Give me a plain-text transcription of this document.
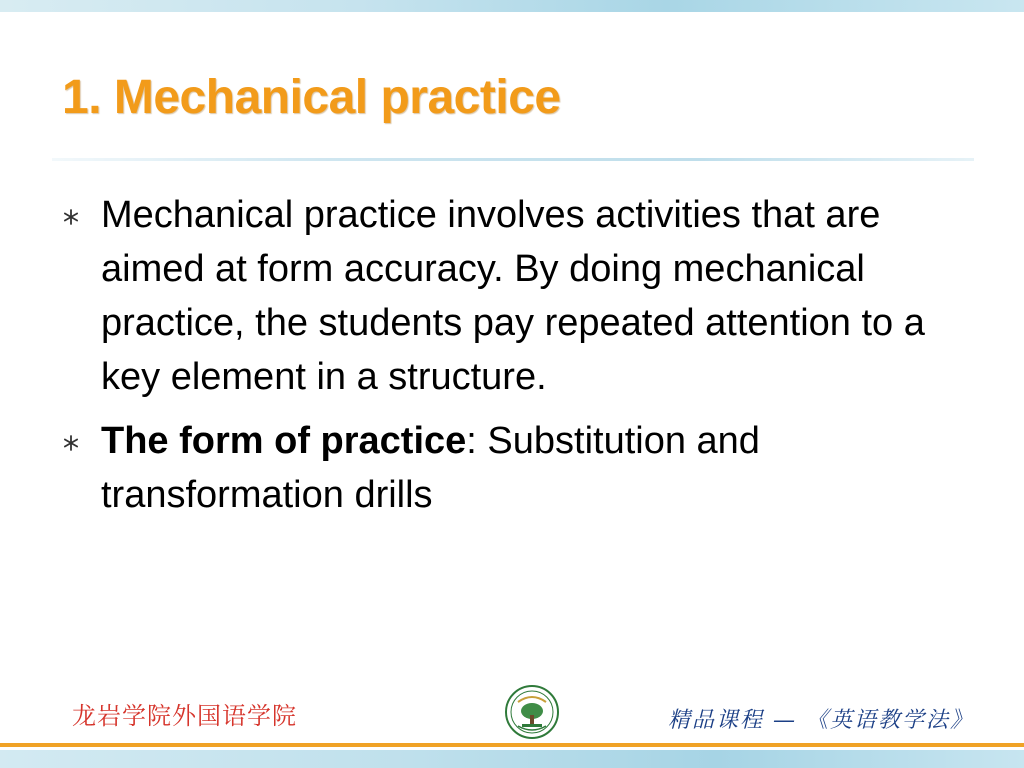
1. Mechanical practice
Mechanical practice involves activities that are aimed at form accuracy. By doing mechanical practice, the students pay repeated attention to a key element in a structure.
The form of practice: Substitution and transformation drills
龙岩学院外国语学院	精品课程 — 《英语教学法》
